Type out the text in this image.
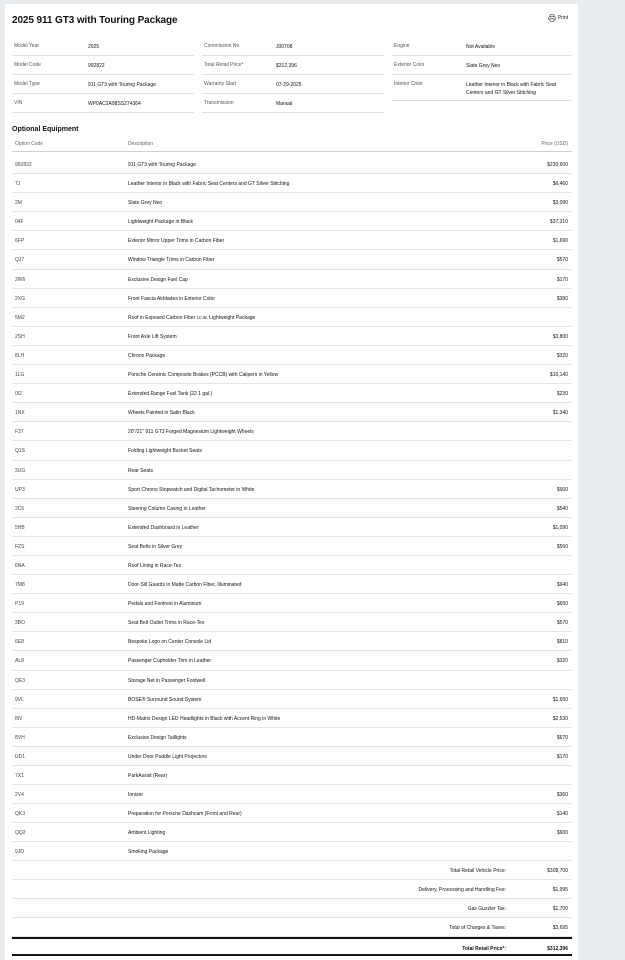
2025 911 GT3 with Touring Package	Print
Model Year	2025
Model Code	992822
Model Type	911 GT3 with Touring Package
VIN	WP0AC2A98SS274364
Commission No.	J00708
Total Retail Price*	$312,396
Warranty Start	07-29-2025
Transmission	Manual
Engine	Not Available
Exterior Color	Slate Grey Neo
Interior Color	Leather Interior in Black with Fabric Seat Centers and GT Silver Stitching
Optional Equipment
Option Code	Description	Price (USD)
992822	911 GT3 with Touring Package	$230,600
7J	Leather Interior in Black with Fabric Seat Centers and GT Silver Stitching	$6,460
2M	Slate Grey Neo	$3,090
04F	Lightweight Package in Black	$37,310
6FP	Exterior Mirror Upper Trims in Carbon Fiber	$1,690
QJ7	Window Triangle Trims in Carbon Fiber	$570
2W6	Exclusive Design Fuel Cap	$170
2XG	Front Fascia Airblades in Exterior Color	$380
5M2	Roof in Exposed Carbon Fiber i.c.w. Lightweight Package
2SH	Front Axle Lift System	$3,800
8LH	Chrono Package	$320
1LG	Porsche Ceramic Composite Brakes (PCCB) with Calipers in Yellow	$10,140
0I2	Extended Range Fuel Tank (22.1 gal.)	$230
1NX	Wheels Painted in Satin Black	$1,340
F37	20"/21" 911 GT3 Forged Magnesium Lightweight Wheels
Q1S	Folding Lightweight Bucket Seats
3UG	Rear Seats
UP3	Sport Chrono Stopwatch and Digital Tachometer in White	$660
2C6	Steering Column Casing in Leather	$540
5HB	Extended Dashboard in Leather	$1,090
FZS	Seat Belts in Silver Grey	$560
6NA	Roof Lining in Race-Tex
7M8	Door-Sill Guards in Matte Carbon Fiber, Illuminated	$940
P19	Pedals and Footrest in Aluminum	$650
3BO	Seat Belt Outlet Trims in Race-Tex	$570
6E8	Bespoke Logo on Center Console Lid	$810
AL8	Passenger Cupholder Trim in Leather	$320
QE3	Storage Net in Passenger Footwell
9VL	BOSE® Surround Sound System	$1,650
8IV	HD-Matrix Design LED Headlights in Black with Accent Ring in White	$2,530
8VH	Exclusive Design Taillights	$670
UD1	Under Door Puddle Light Projectors	$170
7X1	ParkAssist (Rear)
2V4	Ionizer	$360
QK3	Preparation for Porsche Dashcam (Front and Rear)	$140
QQ2	Ambient Lighting	$600
9JD	Smoking Package
Total Retail Vehicle Price:	$308,700
Delivery, Processing and Handling Fee:	$1,995
Gas Guzzler Tax:	$1,700
Total of Charges & Taxes:	$3,695
Total Retail Price*:	$312,396
